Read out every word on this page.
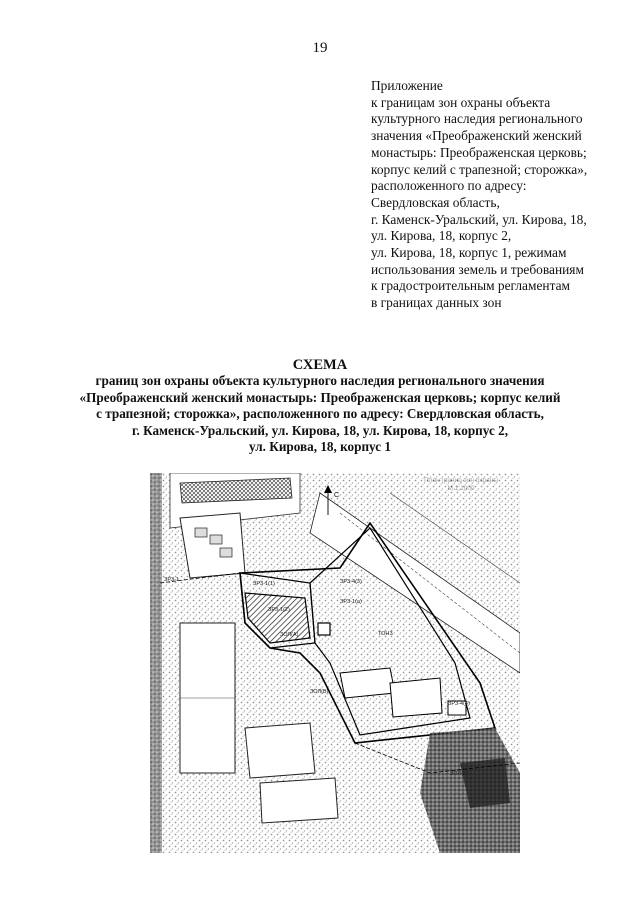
19
Приложение
к границам зон охраны объекта
культурного наследия регионального
значения «Преображенский женский
монастырь: Преображенская церковь;
корпус келий с трапезной; сторожка»,
расположенного по адресу:
Свердловская область,
г. Каменск-Уральский, ул. Кирова, 18,
ул. Кирова, 18, корпус 2,
ул. Кирова, 18, корпус 1, режимам
использования земель и требованиям
к градостроительным регламентам
в границах данных зон
СХЕМА
границ зон охраны объекта культурного наследия регионального значения
«Преображенский женский монастырь: Преображенская церковь; корпус келий
с трапезной; сторожка», расположенного по адресу: Свердловская область,
г. Каменск-Уральский, ул. Кирова, 18, ул. Кирова, 18, корпус 2,
ул. Кирова, 18, корпус 1
С
ЗРЗ-1(1)
ЗРЗ-1(2)
ЗРЗ-4(3)
ЗОЛ(А)	ТОНЗ
ЗРЗ-4(4)
ЗОЛ(Б)
ЗОЛ(В)
ЗРЗ-1
ЗРЗ-1(а)
